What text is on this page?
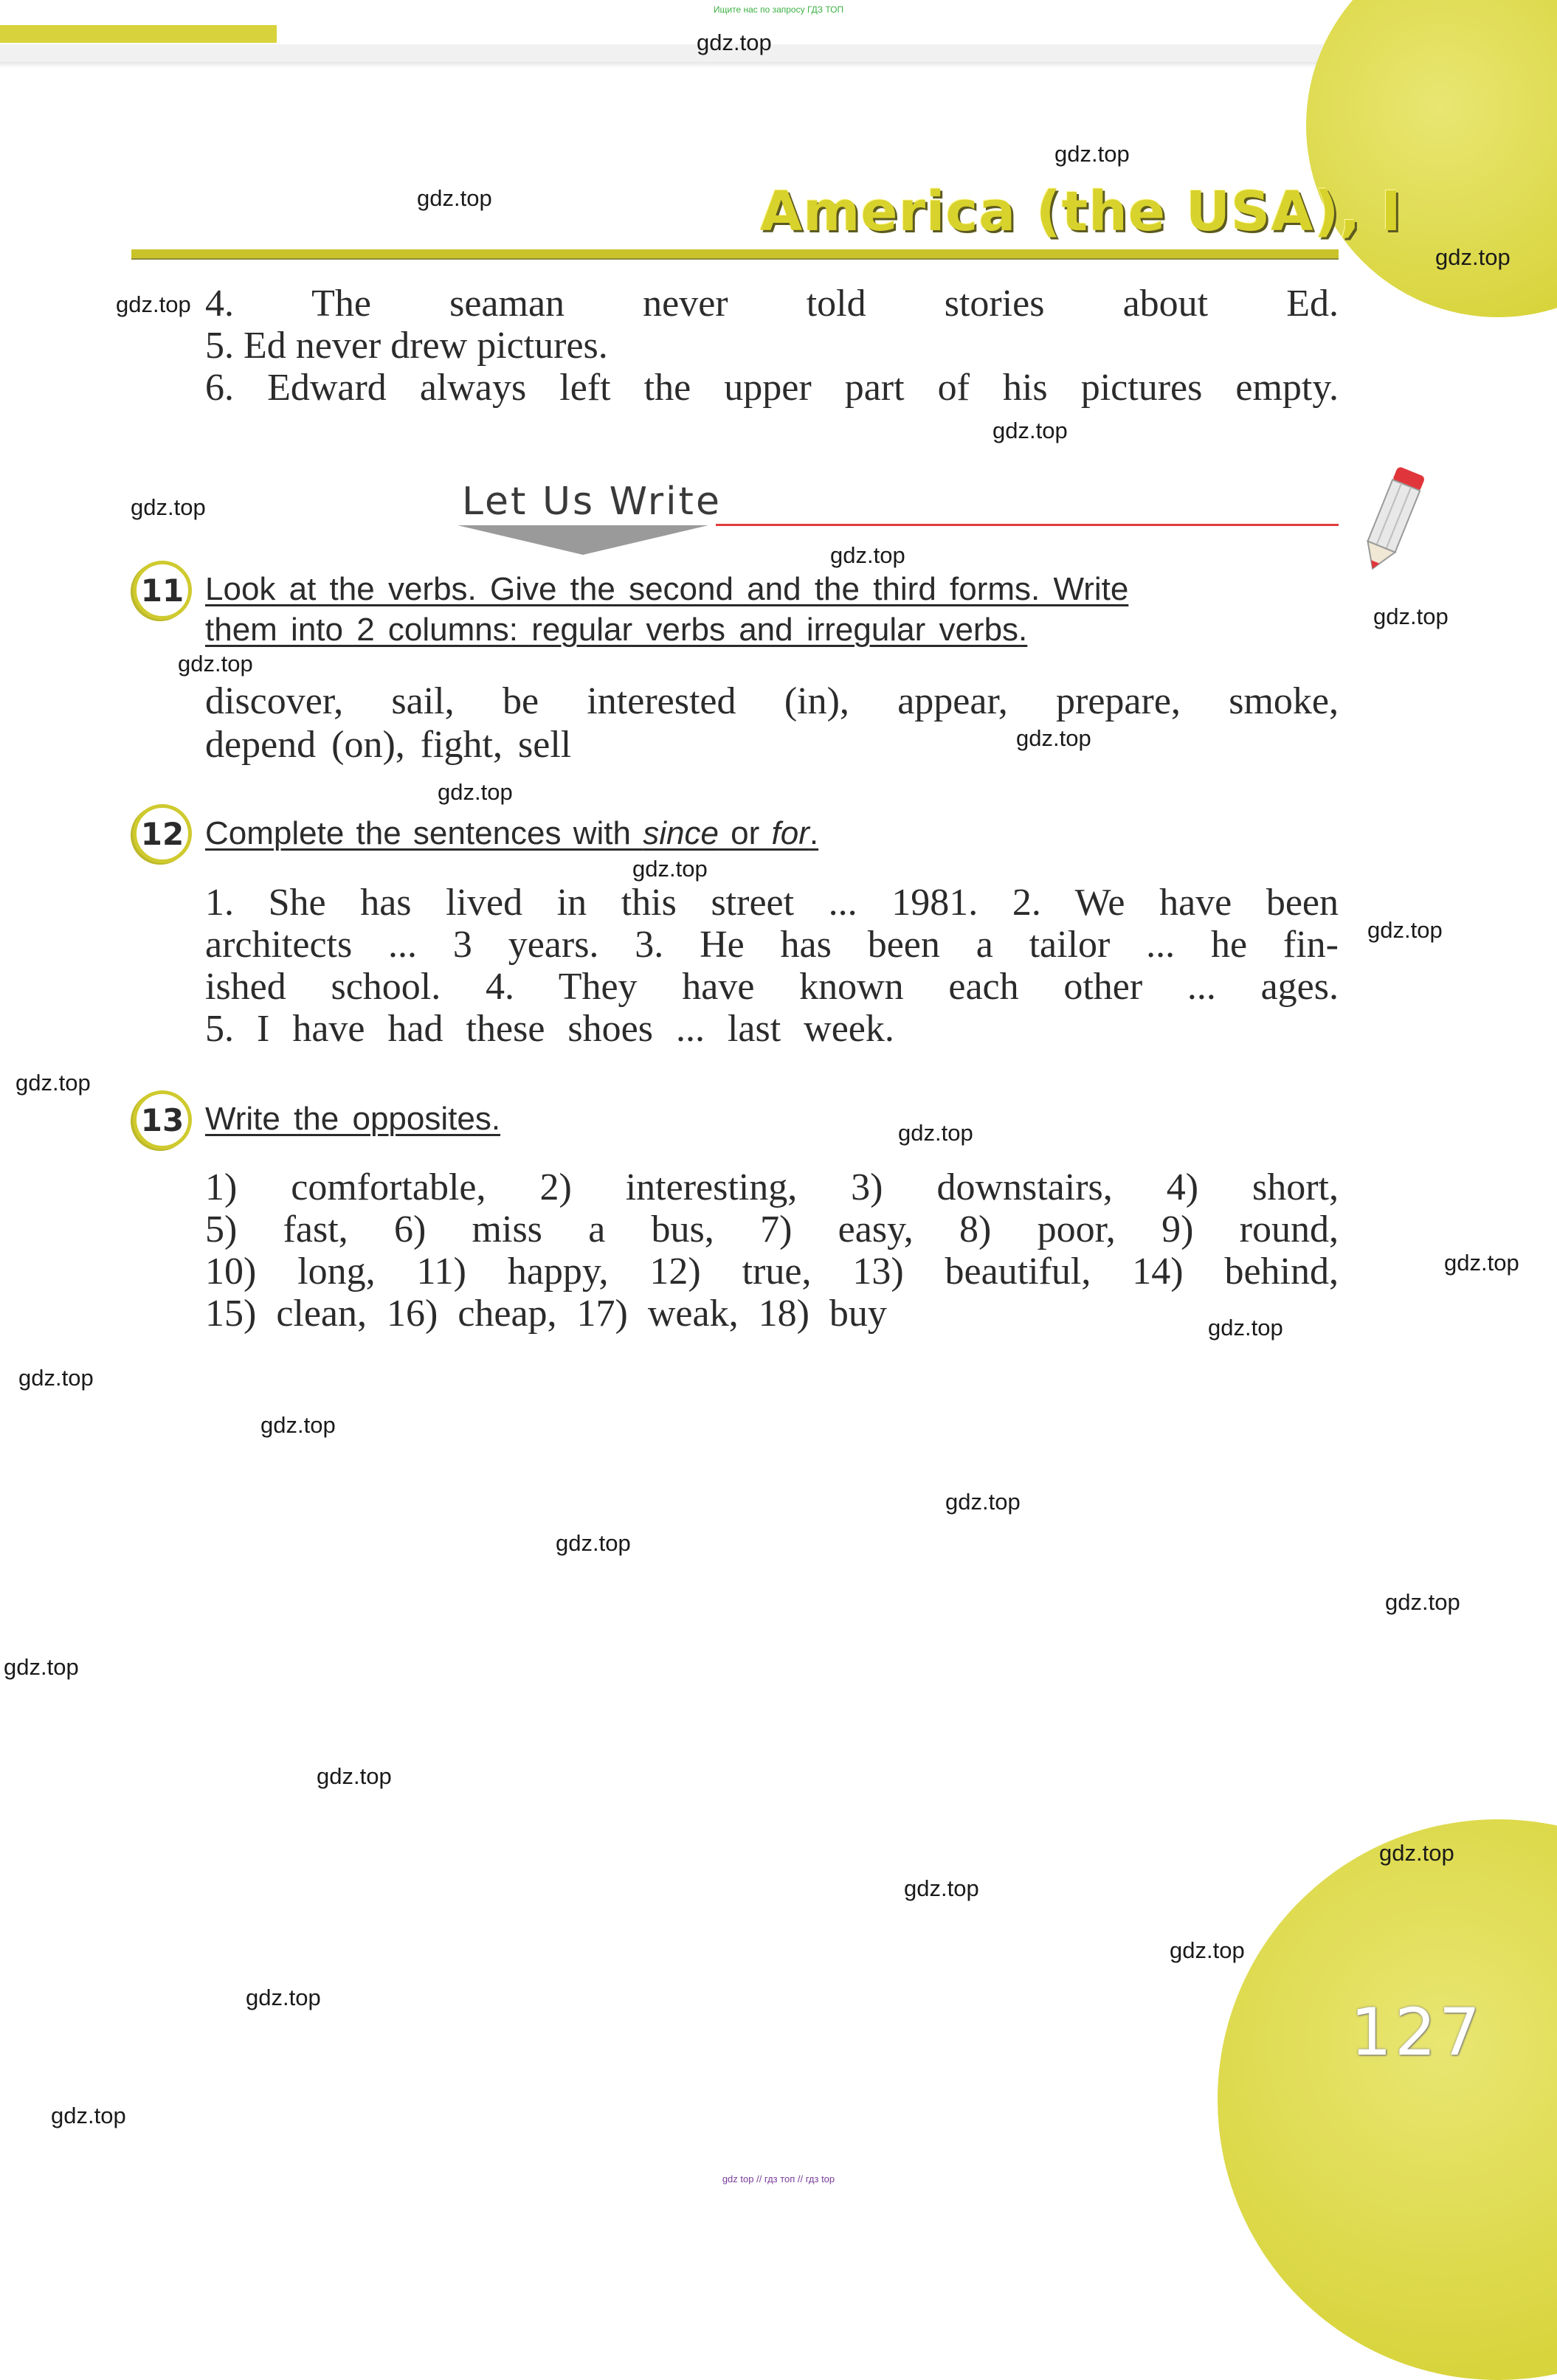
Ищите нас по запросу ГДЗ ТОП
127
America (the USA), I
4. The seaman never told stories about Ed.
5. Ed never drew pictures.
6. Edward always left the upper part of his pictures empty.
Let Us Write
11 Look at the verbs. Give the second and the third forms. Write
them into 2 columns: regular verbs and irregular verbs.
discover, sail, be interested (in), appear, prepare, smoke,
depend (on), fight, sell
12 Complete the sentences with since or for.
1. She has lived in this street ... 1981. 2. We have been
architects ... 3 years. 3. He has been a tailor ... he fin-
ished school. 4. They have known each other ... ages.
5. I have had these shoes ... last week.
13 Write the opposites.
1) comfortable, 2) interesting, 3) downstairs, 4) short,
5) fast, 6) miss a bus, 7) easy, 8) poor, 9) round,
10) long, 11) happy, 12) true, 13) beautiful, 14) behind,
15) clean, 16) cheap, 17) weak, 18) buy
gdz.top
gdz.top
gdz.top
gdz.top
gdz.top
gdz.top
gdz.top
gdz.top
gdz.top
gdz.top
gdz.top
gdz.top
gdz.top
gdz.top
gdz.top
gdz.top
gdz.top
gdz.top
gdz.top
gdz.top
gdz.top
gdz.top
gdz.top
gdz.top
gdz.top
gdz.top
gdz.top
gdz.top
gdz.top
gdz.top
gdz top // гдз топ // гдз top
